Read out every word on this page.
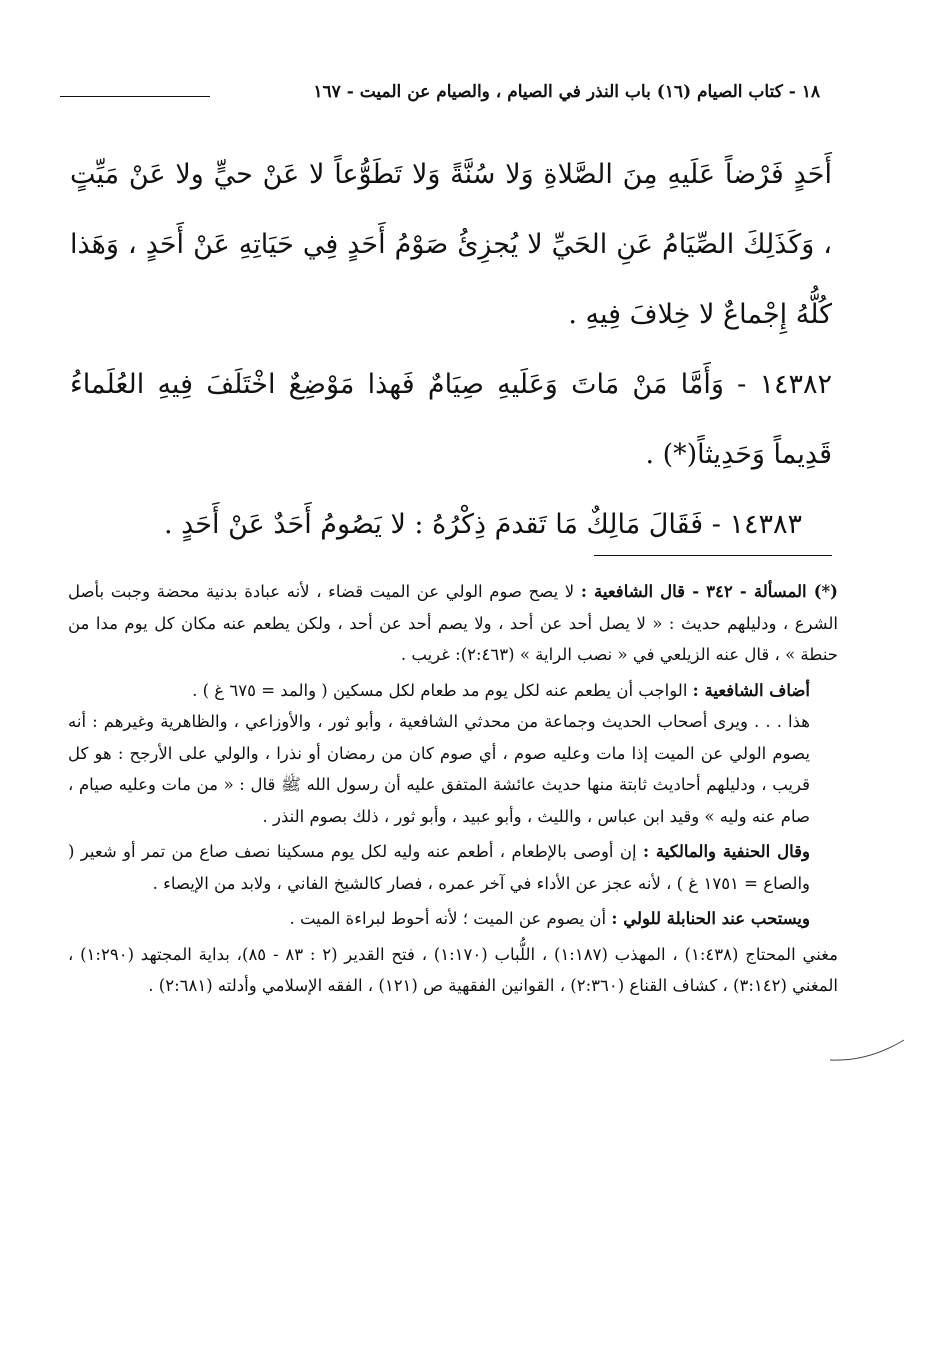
١٨ - كتاب الصيام (١٦) باب النذر في الصيام ، والصيام عن الميت - ١٦٧

أَحَدٍ فَرْضاً عَلَيهِ مِنَ الصَّلاةِ وَلا سُنَّةً وَلا تَطَوُّعاً لا عَنْ حيٍّ ولا عَنْ مَيِّتٍ ، وَكَذَلِكَ الصِّيَامُ عَنِ الحَيِّ لا يُجزِئُ صَوْمُ أَحَدٍ فِي حَيَاتِهِ عَنْ أَحَدٍ ، وَهَذا كُلُّهُ إِجْماعٌ لا خِلافَ فِيهِ .

١٤٣٨٢ - وَأَمَّا مَنْ مَاتَ وَعَلَيهِ صِيَامٌ فَهذا مَوْضِعٌ اخْتَلَفَ فِيهِ العُلَماءُ قَدِيماً وَحَدِيثاً(*) .

١٤٣٨٣ - فَقَالَ مَالِكٌ مَا تَقدمَ ذِكْرُهُ : لا يَصُومُ أَحَدٌ عَنْ أَحَدٍ .

(*) المسألة - ٣٤٢ - قال الشافعية : لا يصح صوم الولي عن الميت قضاء ، لأنه عبادة بدنية محضة وجبت بأصل الشرع ، ودليلهم حديث : « لا يصل أحد عن أحد ، ولا يصم أحد عن أحد ، ولكن يطعم عنه مكان كل يوم مدا من حنطة » ، قال عنه الزيلعي في « نصب الراية » (٢:٤٦٣): غريب .

أضاف الشافعية : الواجب أن يطعم عنه لكل يوم مد طعام لكل مسكين ( والمد = ٦٧٥ غ ) .

هذا . . . ويرى أصحاب الحديث وجماعة من محدثي الشافعية ، وأبو ثور ، والأوزاعي ، والظاهرية وغيرهم : أنه يصوم الولي عن الميت إذا مات وعليه صوم ، أي صوم كان من رمضان أو نذرا ، والولي على الأرجح : هو كل قريب ، ودليلهم أحاديث ثابتة منها حديث عائشة المتفق عليه أن رسول الله ﷺ قال : « من مات وعليه صيام ، صام عنه وليه » وقيد ابن عباس ، والليث ، وأبو عبيد ، وأبو ثور ، ذلك بصوم النذر .

وقال الحنفية والمالكية : إن أوصى بالإطعام ، أطعم عنه وليه لكل يوم مسكينا نصف صاع من تمر أو شعير ( والصاع = ١٧٥١ غ ) ، لأنه عجز عن الأداء في آخر عمره ، فصار كالشيخ الفاني ، ولابد من الإيصاء .

ويستحب عند الحنابلة للولي : أن يصوم عن الميت ؛ لأنه أحوط لبراءة الميت .

مغني المحتاج (١:٤٣٨) ، المهذب (١:١٨٧) ، اللُّباب (١:١٧٠) ، فتح القدير (٢ : ٨٣ - ٨٥)، بداية المجتهد (١:٢٩٠) ، المغني (٣:١٤٢) ، كشاف القناع (٢:٣٦٠) ، القوانين الفقهية ص (١٢١) ، الفقه الإسلامي وأدلته (٢:٦٨١) .
